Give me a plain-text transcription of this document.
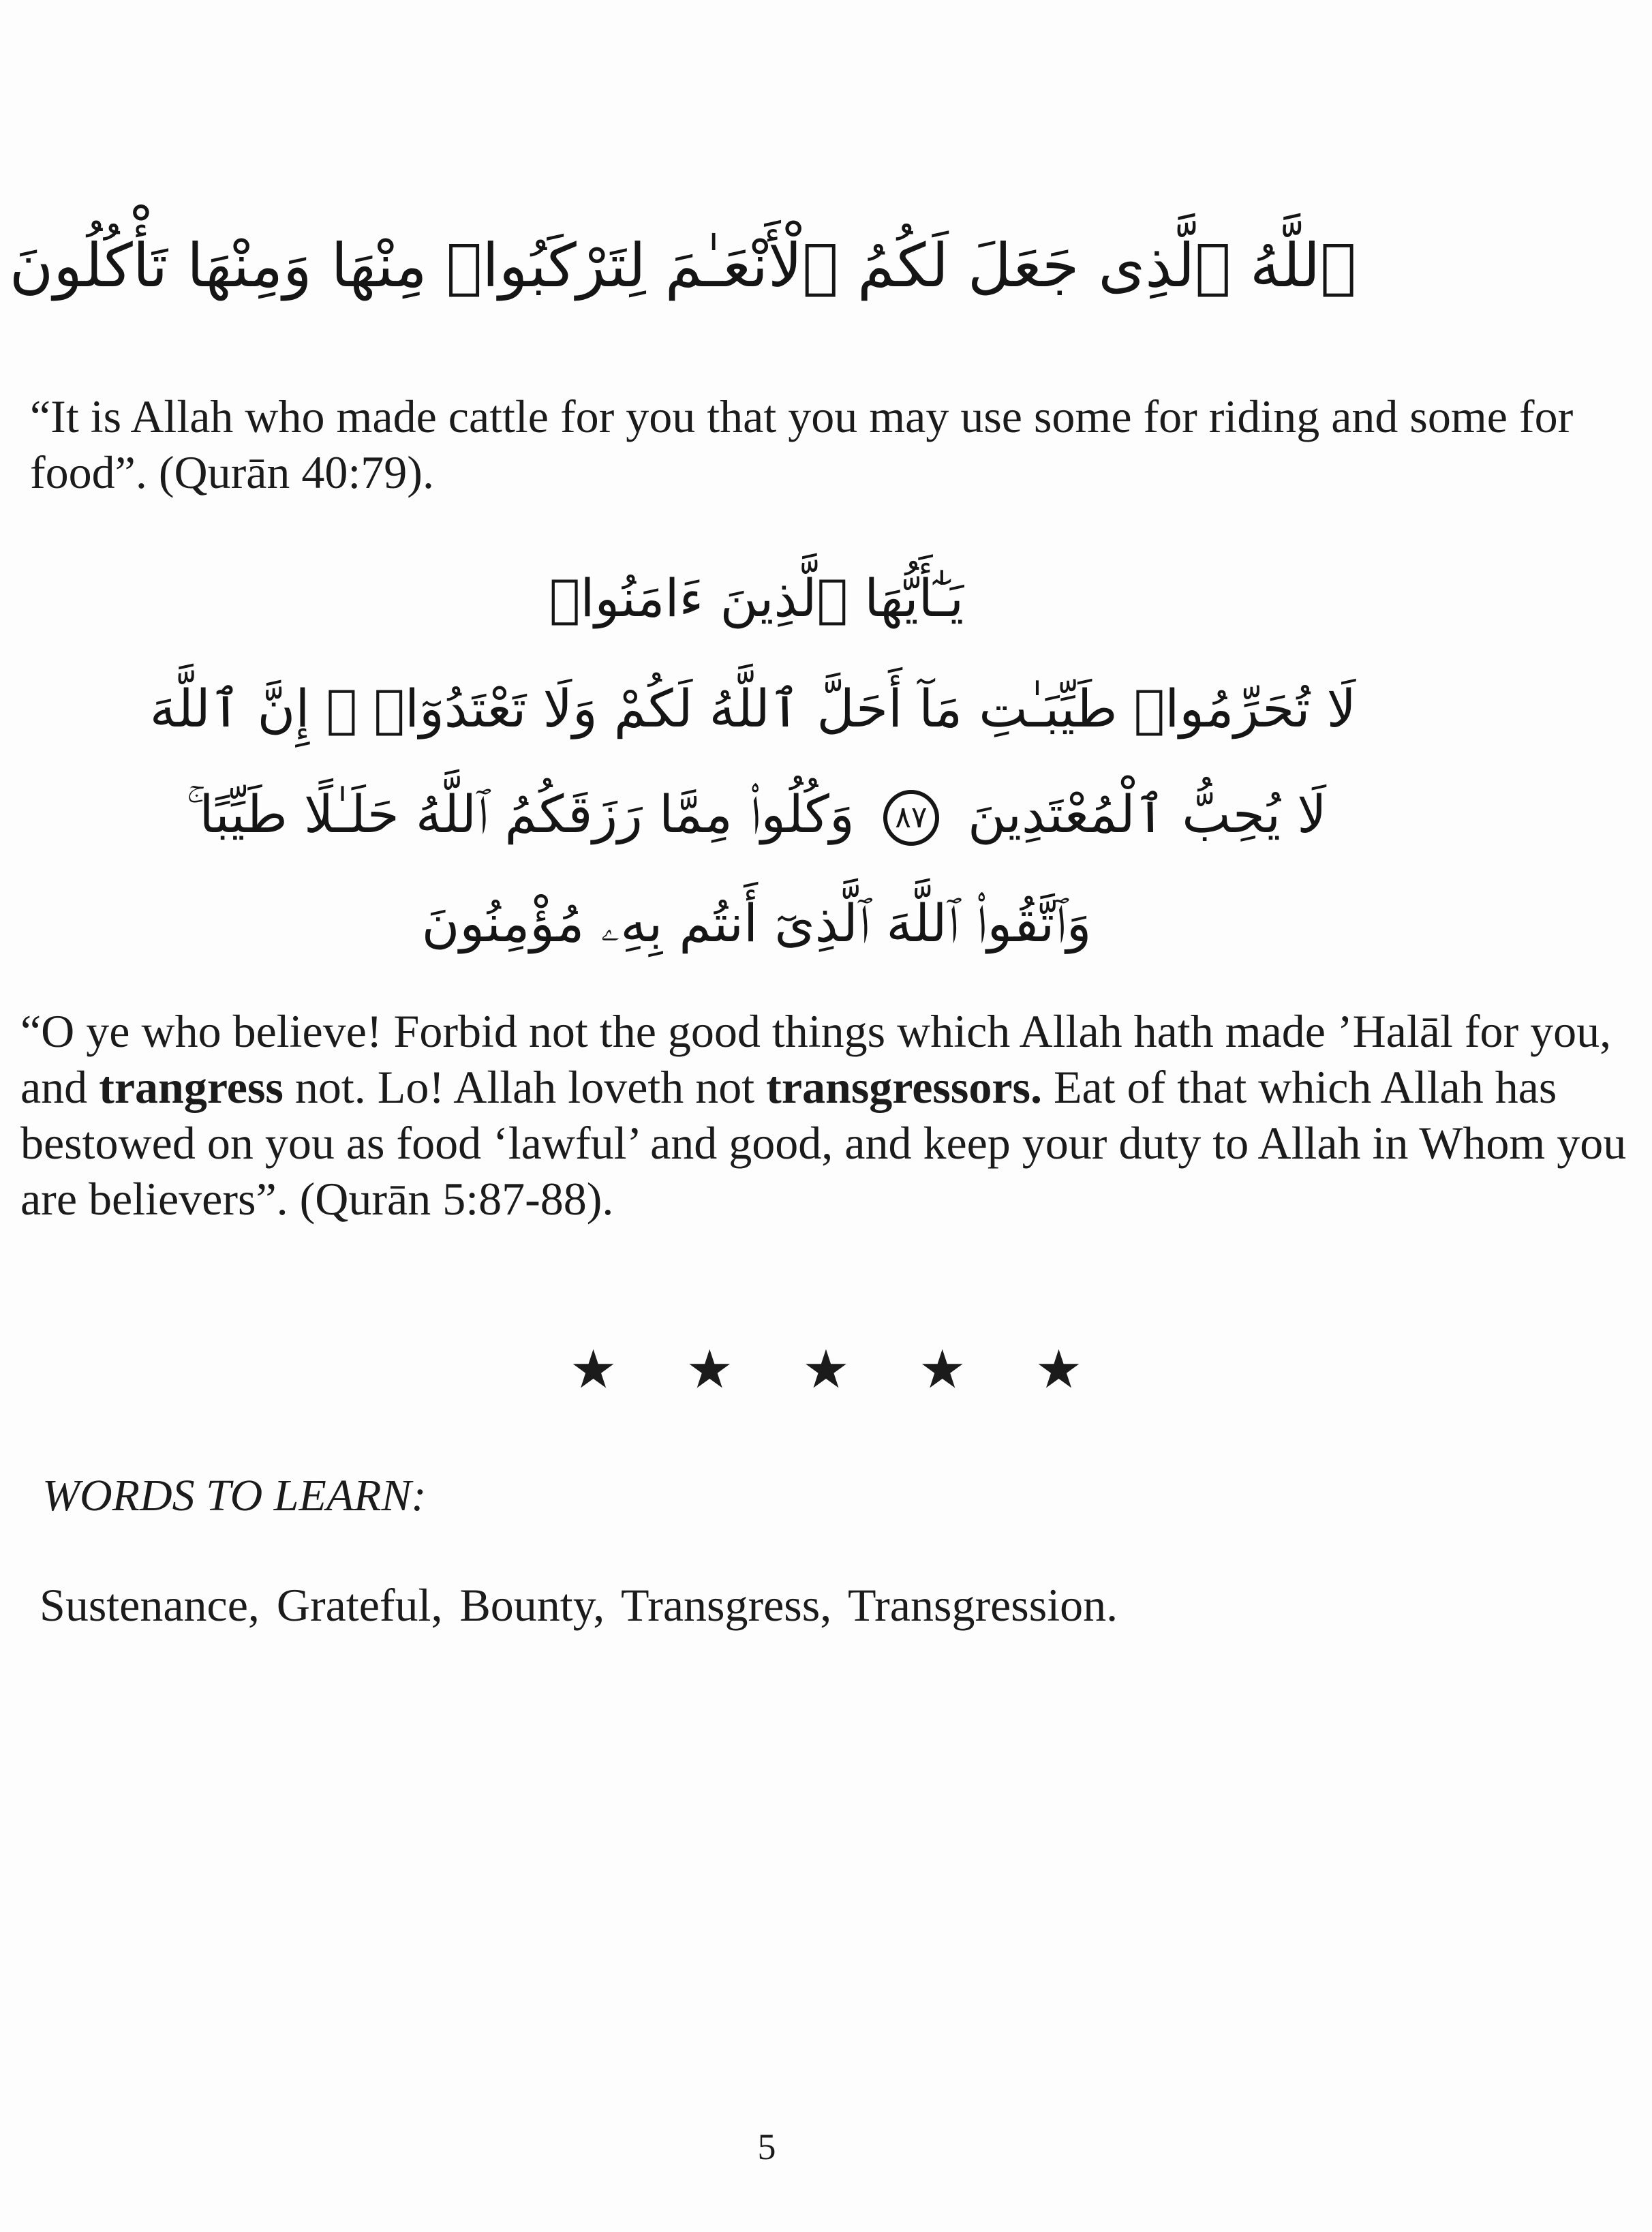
ٱللَّهُ ٱلَّذِى جَعَلَ لَكُمُ ٱلْأَنْعَـٰمَ لِتَرْكَبُوا۟ مِنْهَا وَمِنْهَا تَأْكُلُونَ
“It is Allah who made cattle for you that you may use some for riding and some for food”. (Qurān 40:79).
يَـٰٓأَيُّهَا ٱلَّذِينَ ءَامَنُوا۟
لَا تُحَرِّمُوا۟ طَيِّبَـٰتِ مَآ أَحَلَّ ٱللَّهُ لَكُمْ وَلَا تَعْتَدُوٓا۟ ۚ إِنَّ ٱللَّهَ
لَا يُحِبُّ ٱلْمُعْتَدِينَ ٨٧ وَكُلُوا۟ مِمَّا رَزَقَكُمُ ٱللَّهُ حَلَـٰلًا طَيِّبًا ۚ
وَٱتَّقُوا۟ ٱللَّهَ ٱلَّذِىٓ أَنتُم بِهِۦ مُؤْمِنُونَ
“O ye who believe! Forbid not the good things which Allah hath made ’Halāl for you, and trangress not. Lo! Allah loveth not transgressors. Eat of that which Allah has bestowed on you as food ‘lawful’ and good, and keep your duty to Allah in Whom you are believers”. (Qurān 5:87-88).
★ ★ ★ ★ ★
WORDS TO LEARN:
Sustenance, Grateful, Bounty, Transgress, Transgression.
5
